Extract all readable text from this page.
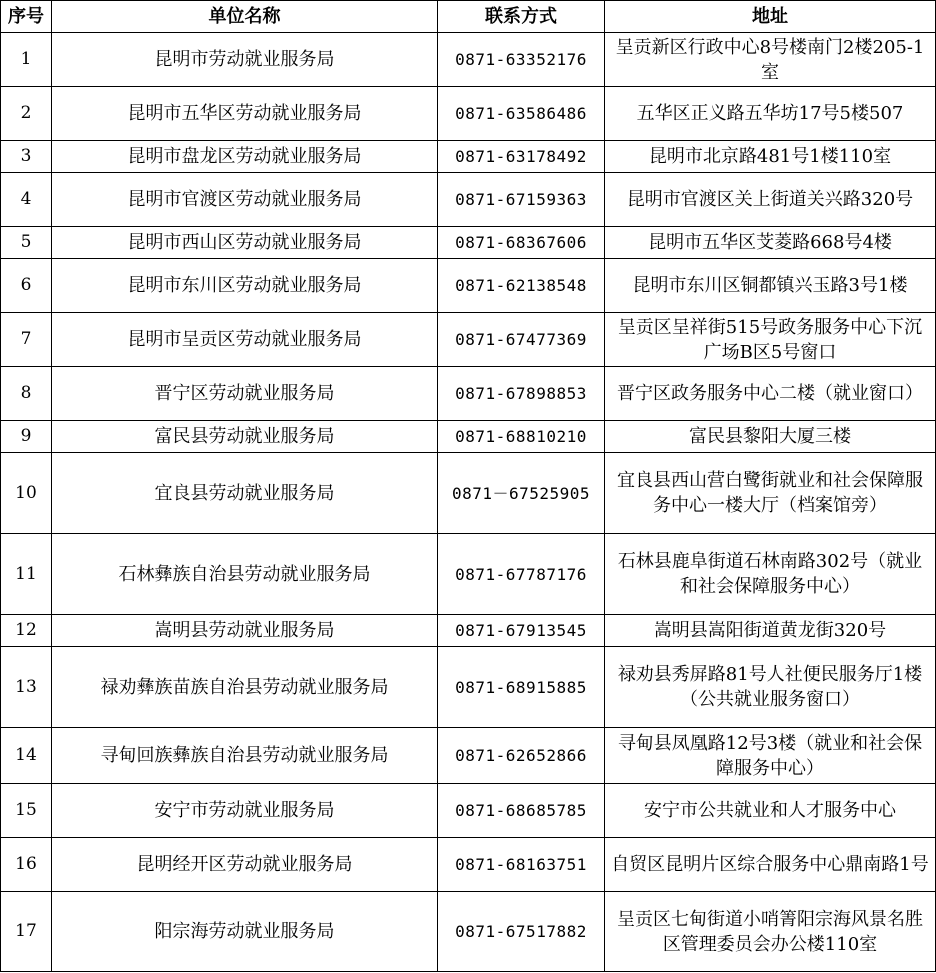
序号	单位名称	联系方式	地址
1	昆明市劳动就业服务局	0871-63352176	呈贡新区行政中心8号楼南门2楼205-1室
2	昆明市五华区劳动就业服务局	0871-63586486	五华区正义路五华坊17号5楼507
3	昆明市盘龙区劳动就业服务局	0871-63178492	昆明市北京路481号1楼110室
4	昆明市官渡区劳动就业服务局	0871-67159363	昆明市官渡区关上街道关兴路320号
5	昆明市西山区劳动就业服务局	0871-68367606	昆明市五华区芠菱路668号4楼
6	昆明市东川区劳动就业服务局	0871-62138548	昆明市东川区铜都镇兴玉路3号1楼
7	昆明市呈贡区劳动就业服务局	0871-67477369	呈贡区呈祥街515号政务服务中心下沉广场B区5号窗口
8	晋宁区劳动就业服务局	0871-67898853	晋宁区政务服务中心二楼（就业窗口）
9	富民县劳动就业服务局	0871-68810210	富民县黎阳大厦三楼
10	宜良县劳动就业服务局	0871－67525905	宜良县西山营白鹭街就业和社会保障服务中心一楼大厅（档案馆旁）
11	石林彝族自治县劳动就业服务局	0871-67787176	石林县鹿阜街道石林南路302号（就业和社会保障服务中心）
12	嵩明县劳动就业服务局	0871-67913545	嵩明县嵩阳街道黄龙街320号
13	禄劝彝族苗族自治县劳动就业服务局	0871-68915885	禄劝县秀屏路81号人社便民服务厅1楼（公共就业服务窗口）
14	寻甸回族彝族自治县劳动就业服务局	0871-62652866	寻甸县凤凰路12号3楼（就业和社会保障服务中心）
15	安宁市劳动就业服务局	0871-68685785	安宁市公共就业和人才服务中心
16	昆明经开区劳动就业服务局	0871-68163751	自贸区昆明片区综合服务中心鼎南路1号
17	阳宗海劳动就业服务局	0871-67517882	呈贡区七甸街道小哨箐阳宗海风景名胜区管理委员会办公楼110室
